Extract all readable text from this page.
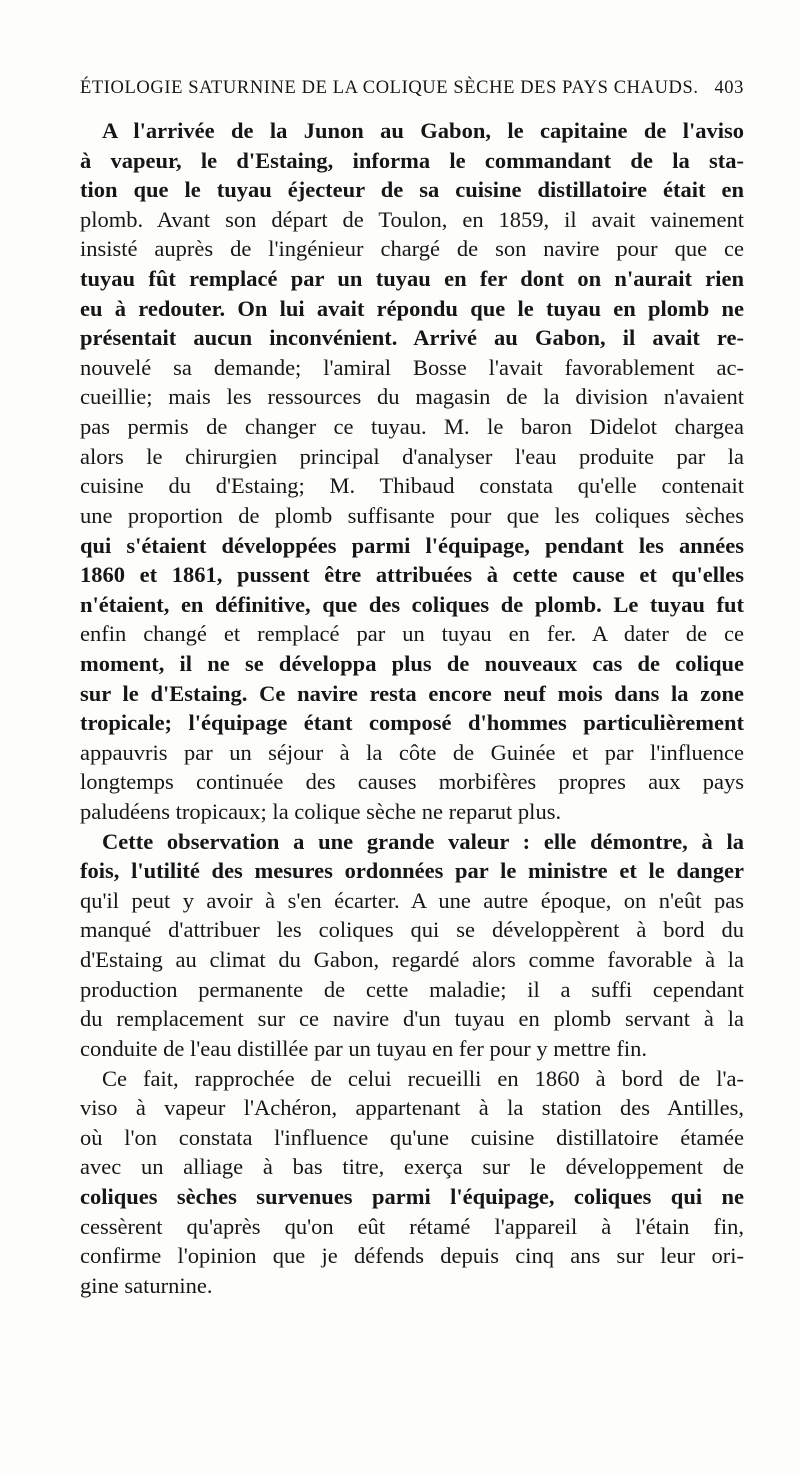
ÉTIOLOGIE SATURNINE DE LA COLIQUE SÈCHE DES PAYS CHAUDS. 403
A l'arrivée de la Junon au Gabon, le capitaine de l'aviso
à vapeur, le d'Estaing, informa le commandant de la sta-
tion que le tuyau éjecteur de sa cuisine distillatoire était en
plomb. Avant son départ de Toulon, en 1859, il avait vainement
insisté auprès de l'ingénieur chargé de son navire pour que ce
tuyau fût remplacé par un tuyau en fer dont on n'aurait rien
eu à redouter. On lui avait répondu que le tuyau en plomb ne
présentait aucun inconvénient. Arrivé au Gabon, il avait re-
nouvelé sa demande; l'amiral Bosse l'avait favorablement ac-
cueillie; mais les ressources du magasin de la division n'avaient
pas permis de changer ce tuyau. M. le baron Didelot chargea
alors le chirurgien principal d'analyser l'eau produite par la
cuisine du d'Estaing; M. Thibaud constata qu'elle contenait
une proportion de plomb suffisante pour que les coliques sèches
qui s'étaient développées parmi l'équipage, pendant les années
1860 et 1861, pussent être attribuées à cette cause et qu'elles
n'étaient, en définitive, que des coliques de plomb. Le tuyau fut
enfin changé et remplacé par un tuyau en fer. A dater de ce
moment, il ne se développa plus de nouveaux cas de colique
sur le d'Estaing. Ce navire resta encore neuf mois dans la zone
tropicale; l'équipage étant composé d'hommes particulièrement
appauvris par un séjour à la côte de Guinée et par l'influence
longtemps continuée des causes morbifères propres aux pays
paludéens tropicaux; la colique sèche ne reparut plus.
Cette observation a une grande valeur : elle démontre, à la
fois, l'utilité des mesures ordonnées par le ministre et le danger
qu'il peut y avoir à s'en écarter. A une autre époque, on n'eût pas
manqué d'attribuer les coliques qui se développèrent à bord du
d'Estaing au climat du Gabon, regardé alors comme favorable à la
production permanente de cette maladie; il a suffi cependant
du remplacement sur ce navire d'un tuyau en plomb servant à la
conduite de l'eau distillée par un tuyau en fer pour y mettre fin.
Ce fait, rapprochée de celui recueilli en 1860 à bord de l'a-
viso à vapeur l'Achéron, appartenant à la station des Antilles,
où l'on constata l'influence qu'une cuisine distillatoire étamée
avec un alliage à bas titre, exerça sur le développement de
coliques sèches survenues parmi l'équipage, coliques qui ne
cessèrent qu'après qu'on eût rétamé l'appareil à l'étain fin,
confirme l'opinion que je défends depuis cinq ans sur leur ori-
gine saturnine.
